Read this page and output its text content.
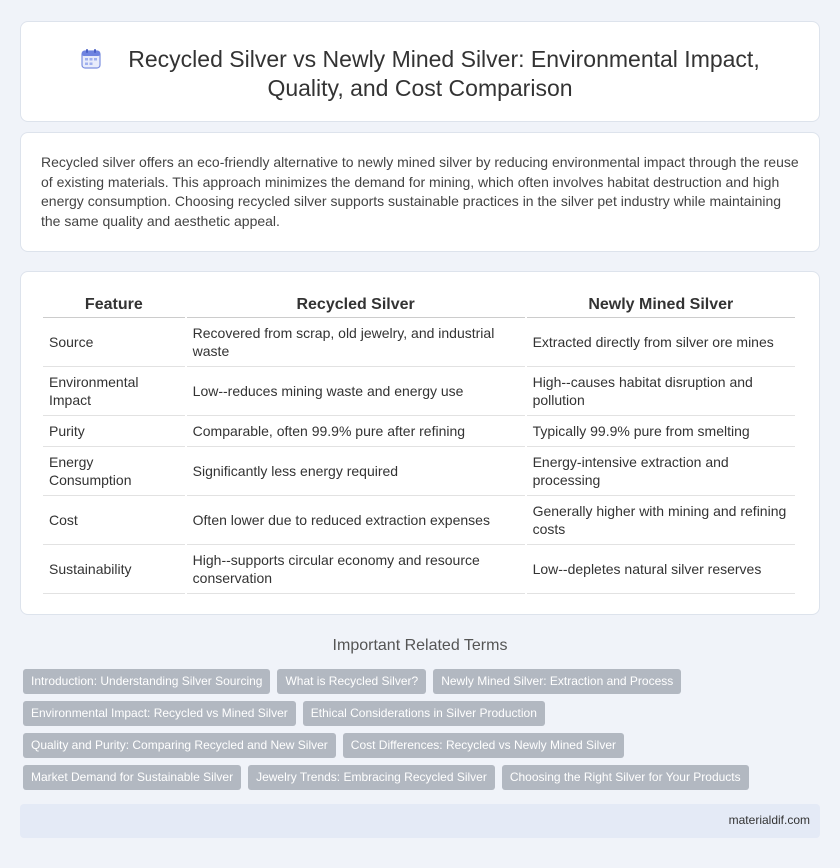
Recycled Silver vs Newly Mined Silver: Environmental Impact, Quality, and Cost Comparison

Recycled silver offers an eco-friendly alternative to newly mined silver by reducing environmental impact through the reuse of existing materials. This approach minimizes the demand for mining, which often involves habitat destruction and high energy consumption. Choosing recycled silver supports sustainable practices in the silver pet industry while maintaining the same quality and aesthetic appeal.

Feature	Recycled Silver	Newly Mined Silver
Source	Recovered from scrap, old jewelry, and industrial waste	Extracted directly from silver ore mines
Environmental Impact	Low--reduces mining waste and energy use	High--causes habitat disruption and pollution
Purity	Comparable, often 99.9% pure after refining	Typically 99.9% pure from smelting
Energy Consumption	Significantly less energy required	Energy-intensive extraction and processing
Cost	Often lower due to reduced extraction expenses	Generally higher with mining and refining costs
Sustainability	High--supports circular economy and resource conservation	Low--depletes natural silver reserves
Important Related Terms
Introduction: Understanding Silver Sourcing	What is Recycled Silver?	Newly Mined Silver: Extraction and Process
Environmental Impact: Recycled vs Mined Silver	Ethical Considerations in Silver Production
Quality and Purity: Comparing Recycled and New Silver	Cost Differences: Recycled vs Newly Mined Silver
Market Demand for Sustainable Silver	Jewelry Trends: Embracing Recycled Silver	Choosing the Right Silver for Your Products
materialdif.com
